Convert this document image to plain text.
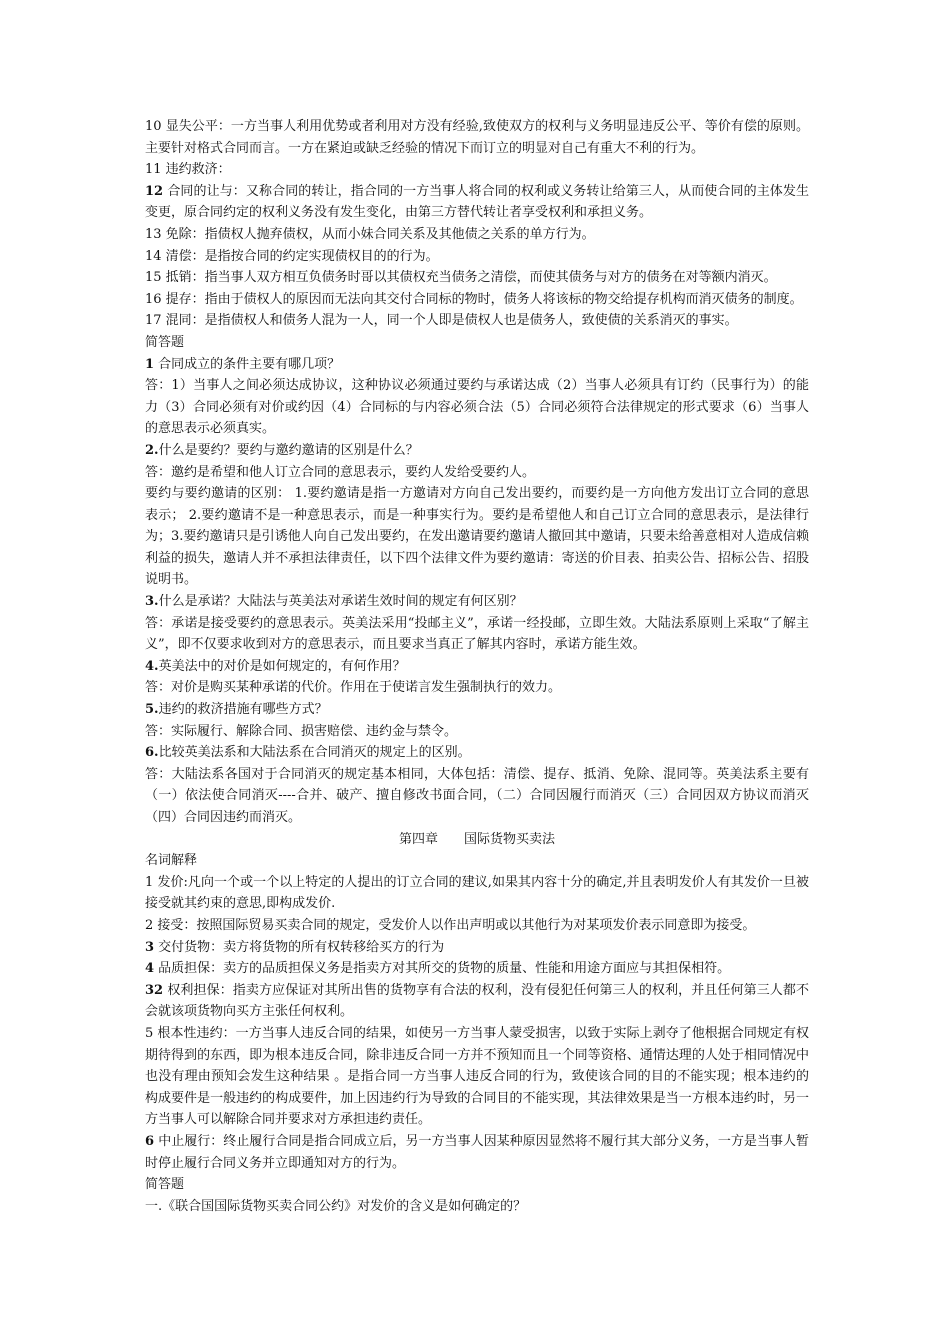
10 显失公平：一方当事人利用优势或者利用对方没有经验,致使双方的权利与义务明显违反公平、等价有偿的原则。主要针对格式合同而言。一方在紧迫或缺乏经验的情况下而订立的明显对自己有重大不利的行为。

11 违约救济：

12 合同的让与：又称合同的转让，指合同的一方当事人将合同的权利或义务转让给第三人，从而使合同的主体发生变更，原合同约定的权利义务没有发生变化，由第三方替代转让者享受权利和承担义务。

13 免除：指债权人抛弃债权，从而小妹合同关系及其他债之关系的单方行为。

14 清偿：是指按合同的约定实现债权目的的行为。

15 抵销：指当事人双方相互负债务时哥以其债权充当债务之清偿，而使其债务与对方的债务在对等额内消灭。

16 提存：指由于债权人的原因而无法向其交付合同标的物时，债务人将该标的物交给提存机构而消灭债务的制度。

17 混同：是指债权人和债务人混为一人，同一个人即是债权人也是债务人，致使债的关系消灭的事实。

简答题

1 合同成立的条件主要有哪几项？

答：1）当事人之间必须达成协议，这种协议必须通过要约与承诺达成（2）当事人必须具有订约（民事行为）的能力（3）合同必须有对价或约因（4）合同标的与内容必须合法（5）合同必须符合法律规定的形式要求（6）当事人的意思表示必须真实。

2.什么是要约？要约与邀约邀请的区别是什么？

答：邀约是希望和他人订立合同的意思表示，要约人发给受要约人。

要约与要约邀请的区别： 1.要约邀请是指一方邀请对方向自己发出要约，而要约是一方向他方发出订立合同的意思表示； 2.要约邀请不是一种意思表示，而是一种事实行为。要约是希望他人和自己订立合同的意思表示，是法律行为；3.要约邀请只是引诱他人向自己发出要约，在发出邀请要约邀请人撤回其中邀请，只要未给善意相对人造成信赖利益的损失，邀请人并不承担法律责任，以下四个法律文件为要约邀请：寄送的价目表、拍卖公告、招标公告、招股说明书。

3.什么是承诺？大陆法与英美法对承诺生效时间的规定有何区别？

答：承诺是接受要约的意思表示。英美法采用“投邮主义”，承诺一经投邮，立即生效。大陆法系原则上采取“了解主义”，即不仅要求收到对方的意思表示，而且要求当真正了解其内容时，承诺方能生效。

4.英美法中的对价是如何规定的，有何作用？

答：对价是购买某种承诺的代价。作用在于使诺言发生强制执行的效力。

5.违约的救济措施有哪些方式？

答：实际履行、解除合同、损害赔偿、违约金与禁令。

6.比较英美法系和大陆法系在合同消灭的规定上的区别。

答：大陆法系各国对于合同消灭的规定基本相同，大体包括：清偿、提存、抵消、免除、混同等。英美法系主要有（一）依法使合同消灭----合并、破产、擅自修改书面合同，（二）合同因履行而消灭（三）合同因双方协议而消灭（四）合同因违约而消灭。

第四章 国际货物买卖法

名词解释

1 发价:凡向一个或一个以上特定的人提出的订立合同的建议,如果其内容十分的确定,并且表明发价人有其发价一旦被接受就其约束的意思,即构成发价.

2 接受：按照国际贸易买卖合同的规定，受发价人以作出声明或以其他行为对某项发价表示同意即为接受。

3 交付货物：卖方将货物的所有权转移给买方的行为

4 品质担保：卖方的品质担保义务是指卖方对其所交的货物的质量、性能和用途方面应与其担保相符。

32 权利担保：指卖方应保证对其所出售的货物享有合法的权利，没有侵犯任何第三人的权利，并且任何第三人都不会就该项货物向买方主张任何权利。

5 根本性违约：一方当事人违反合同的结果，如使另一方当事人蒙受损害，以致于实际上剥夺了他根据合同规定有权期待得到的东西，即为根本违反合同，除非违反合同一方并不预知而且一个同等资格、通情达理的人处于相同情况中也没有理由预知会发生这种结果 。是指合同一方当事人违反合同的行为，致使该合同的目的不能实现；根本违约的构成要件是一般违约的构成要件，加上因违约行为导致的合同目的不能实现，其法律效果是当一方根本违约时，另一方当事人可以解除合同并要求对方承担违约责任。

6 中止履行：终止履行合同是指合同成立后，另一方当事人因某种原因显然将不履行其大部分义务，一方是当事人暂时停止履行合同义务并立即通知对方的行为。

简答题

一.《联合国国际货物买卖合同公约》对发价的含义是如何确定的？
